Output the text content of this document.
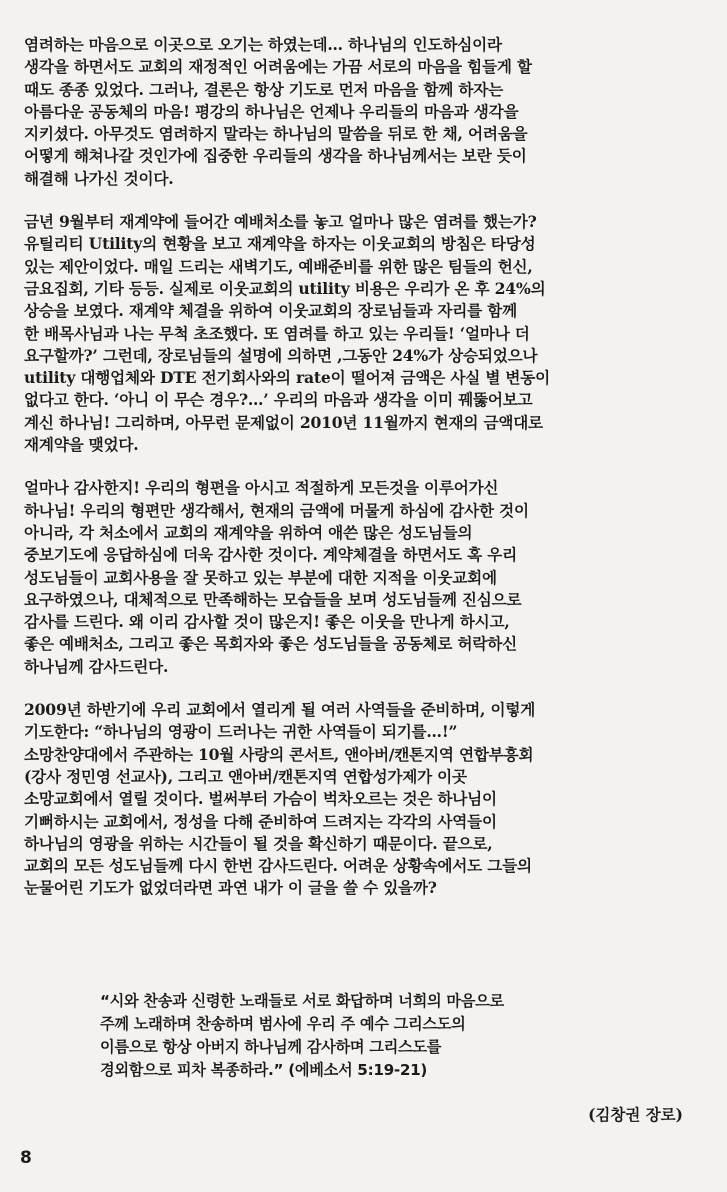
염려하는 마음으로 이곳으로 오기는 하였는데… 하나님의 인도하심이라
생각을 하면서도 교회의 재정적인 어려움에는 가끔 서로의 마음을 힘들게 할
때도 종종 있었다. 그러나, 결론은 항상 기도로 먼저 마음을 함께 하자는
아름다운 공동체의 마음! 평강의 하나님은 언제나 우리들의 마음과 생각을
지키셨다. 아무것도 염려하지 말라는 하나님의 말씀을 뒤로 한 채, 어려움을
어떻게 해쳐나갈 것인가에 집중한 우리들의 생각을 하나님께서는 보란 듯이
해결해 나가신 것이다.

금년 9월부터 재계약에 들어간 예배처소를 놓고 얼마나 많은 염려를 했는가?
유틸리티 Utility의 현황을 보고 재계약을 하자는 이웃교회의 방침은 타당성
있는 제안이었다. 매일 드리는 새벽기도, 예배준비를 위한 많은 팀들의 헌신,
금요집회, 기타 등등. 실제로 이웃교회의 utility 비용은 우리가 온 후 24%의
상승을 보였다. 재계약 체결을 위하여 이웃교회의 장로님들과 자리를 함께
한 배목사님과 나는 무척 초조했다. 또 염려를 하고 있는 우리들! ‘얼마나 더
요구할까?’ 그런데, 장로님들의 설명에 의하면 ,그동안 24%가 상승되었으나
utility 대행업체와 DTE 전기회사와의 rate이 떨어져 금액은 사실 별 변동이
없다고 한다. ‘아니 이 무슨 경우?…’ 우리의 마음과 생각을 이미 꿰뚫어보고
계신 하나님! 그리하며, 아무런 문제없이 2010년 11월까지 현재의 금액대로
재계약을 맺었다.

얼마나 감사한지! 우리의 형편을 아시고 적절하게 모든것을 이루어가신
하나님! 우리의 형편만 생각해서, 현재의 금액에 머물게 하심에 감사한 것이
아니라, 각 처소에서 교회의 재계약을 위하여 애쓴 많은 성도님들의
중보기도에 응답하심에 더욱 감사한 것이다. 계약체결을 하면서도 혹 우리
성도님들이 교회사용을 잘 못하고 있는 부분에 대한 지적을 이웃교회에
요구하였으나, 대체적으로 만족해하는 모습들을 보며 성도님들께 진심으로
감사를 드린다. 왜 이리 감사할 것이 많은지! 좋은 이웃을 만나게 하시고,
좋은 예배처소, 그리고 좋은 목회자와 좋은 성도님들을 공동체로 허락하신
하나님께 감사드린다.

2009년 하반기에 우리 교회에서 열리게 될 여러 사역들을 준비하며, 이렇게
기도한다: “하나님의 영광이 드러나는 귀한 사역들이 되기를…!”
소망찬양대에서 주관하는 10월 사랑의 콘서트, 앤아버/캔톤지역 연합부흥회
(강사 정민영 선교사), 그리고 앤아버/캔톤지역 연합성가제가 이곳
소망교회에서 열릴 것이다. 벌써부터 가슴이 벅차오르는 것은 하나님이
기뻐하시는 교회에서, 정성을 다해 준비하여 드려지는 각각의 사역들이
하나님의 영광을 위하는 시간들이 될 것을 확신하기 때문이다. 끝으로,
교회의 모든 성도님들께 다시 한번 감사드린다. 어려운 상황속에서도 그들의
눈물어린 기도가 없었더라면 과연 내가 이 글을 쓸 수 있을까?

“시와 찬송과 신령한 노래들로 서로 화답하며 너희의 마음으로
주께 노래하며 찬송하며 범사에 우리 주 예수 그리스도의
이름으로 항상 아버지 하나님께 감사하며 그리스도를
경외함으로 피차 복종하라.” (에베소서 5:19-21)
(김창권 장로)
8
